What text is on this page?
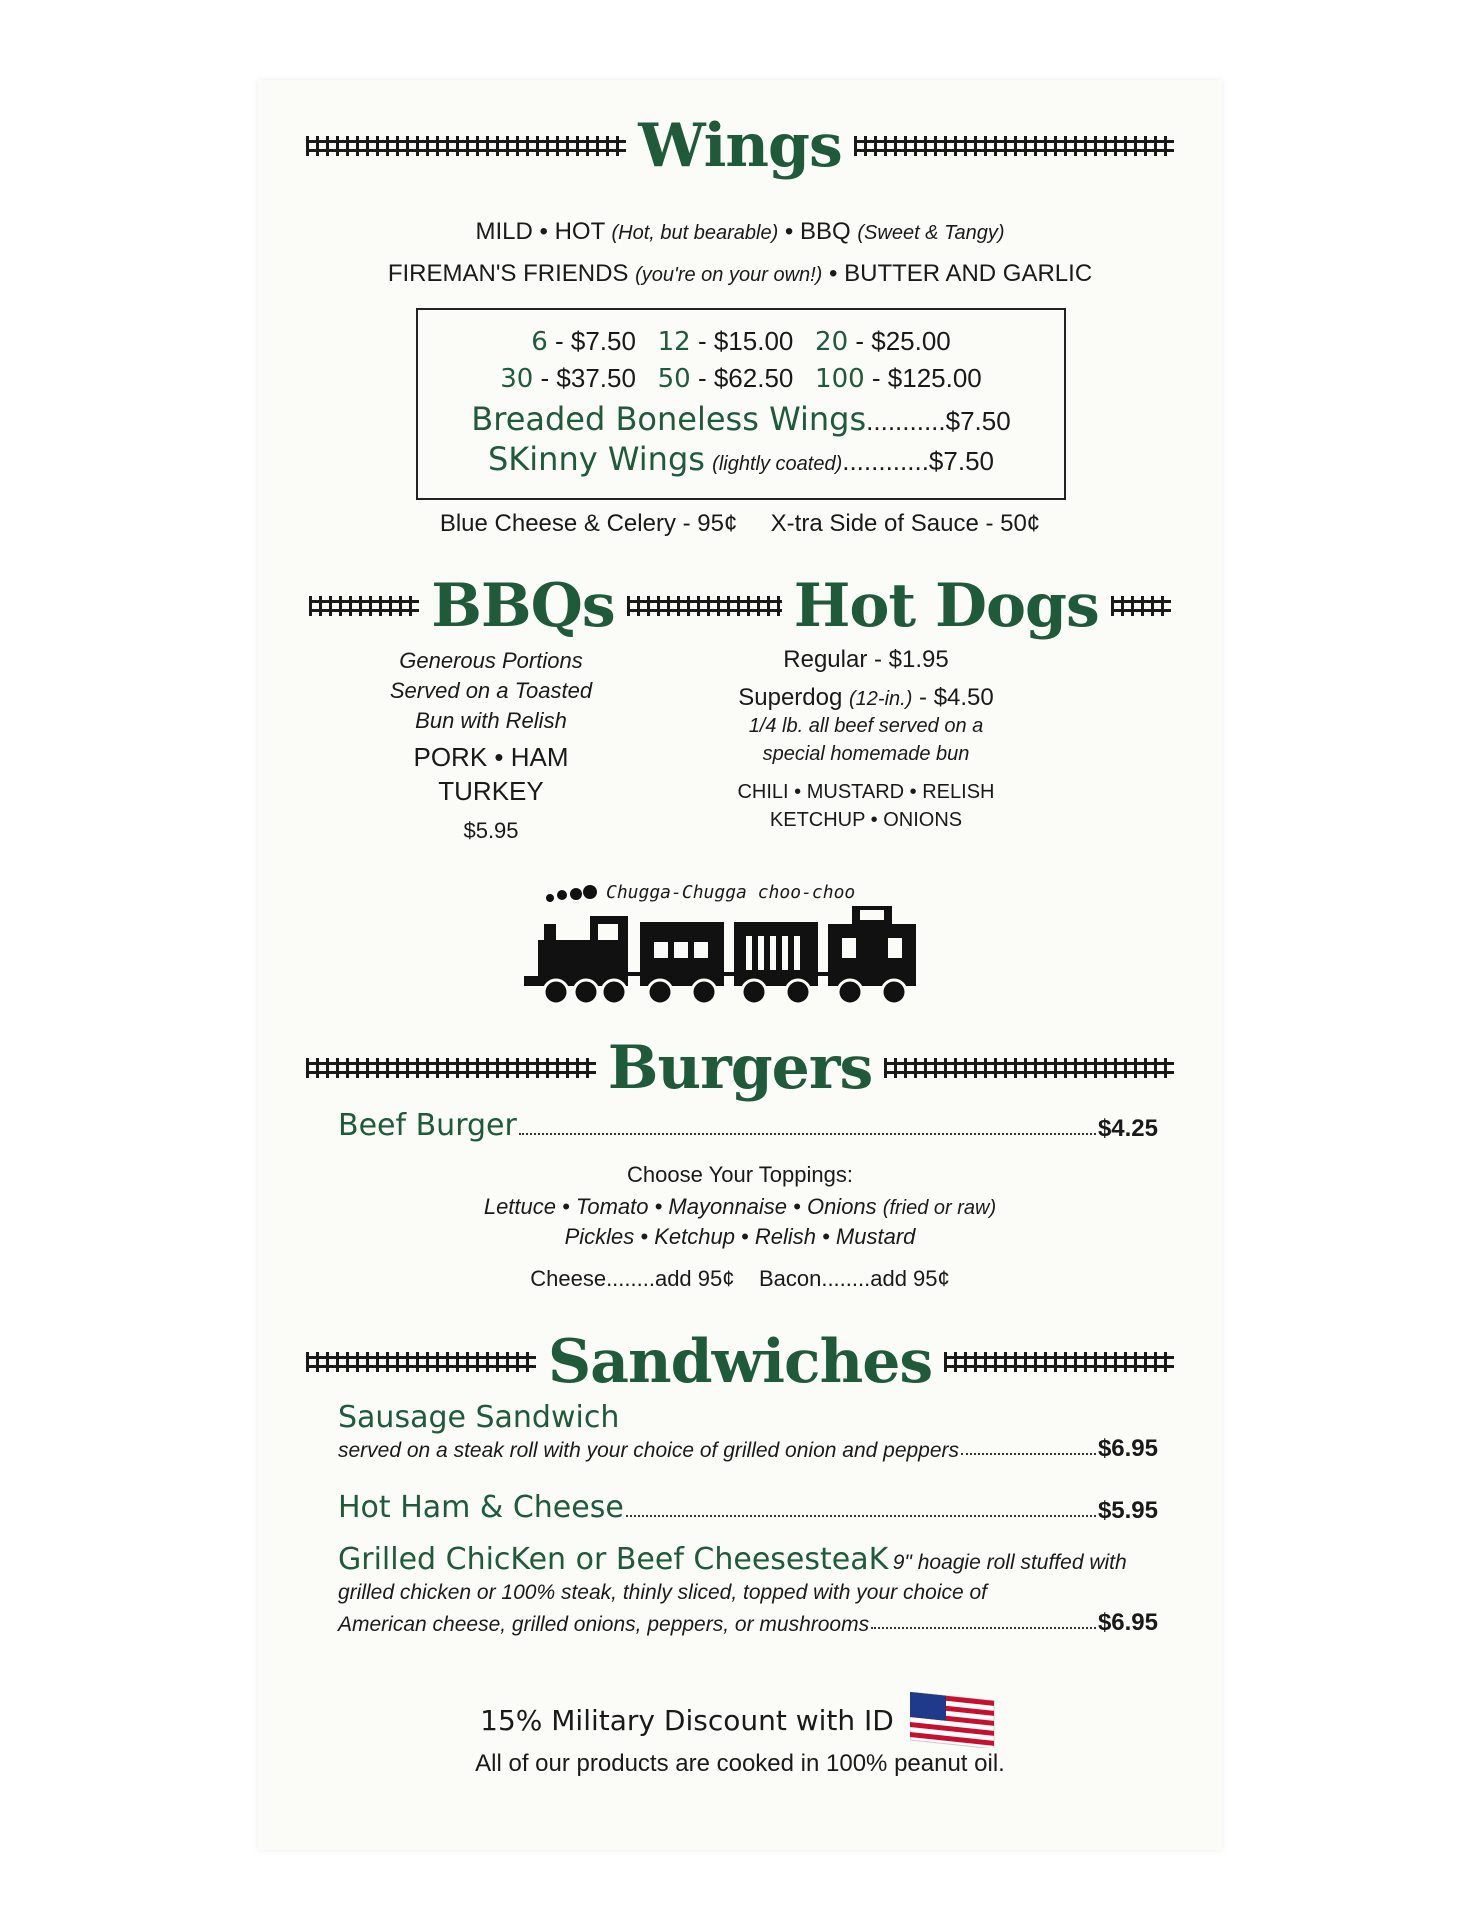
Wings
MILD • HOT (Hot, but bearable) • BBQ (Sweet & Tangy)
FIREMAN'S FRIENDS (you're on your own!) • BUTTER AND GARLIC
6 - $7.50 12 - $15.00 20 - $25.00
30 - $37.50 50 - $62.50 100 - $125.00
Breaded Boneless Wings...........$7.50
SKinny Wings (lightly coated)............$7.50
Blue Cheese & Celery - 95¢ X-tra Side of Sauce - 50¢
BBQs	Hot Dogs
Generous Portions
Served on a Toasted
Bun with Relish
PORK • HAM
TURKEY
$5.95
Regular - $1.95
Superdog (12-in.) - $4.50
1/4 lb. all beef served on a
special homemade bun
CHILI • MUSTARD • RELISH
KETCHUP • ONIONS
Chugga-Chugga choo-choo
Burgers
Beef Burger	$4.25
Choose Your Toppings:
Lettuce • Tomato • Mayonnaise • Onions (fried or raw)
Pickles • Ketchup • Relish • Mustard
Cheese........add 95¢ Bacon........add 95¢
Sandwiches
Sausage Sandwich
served on a steak roll with your choice of grilled onion and peppers	$6.95
Hot Ham & Cheese	$5.95
Grilled ChicKen or Beef CheesesteaK 9" hoagie roll stuffed with
grilled chicken or 100% steak, thinly sliced, topped with your choice of
American cheese, grilled onions, peppers, or mushrooms	$6.95
15% Military Discount with ID
All of our products are cooked in 100% peanut oil.
